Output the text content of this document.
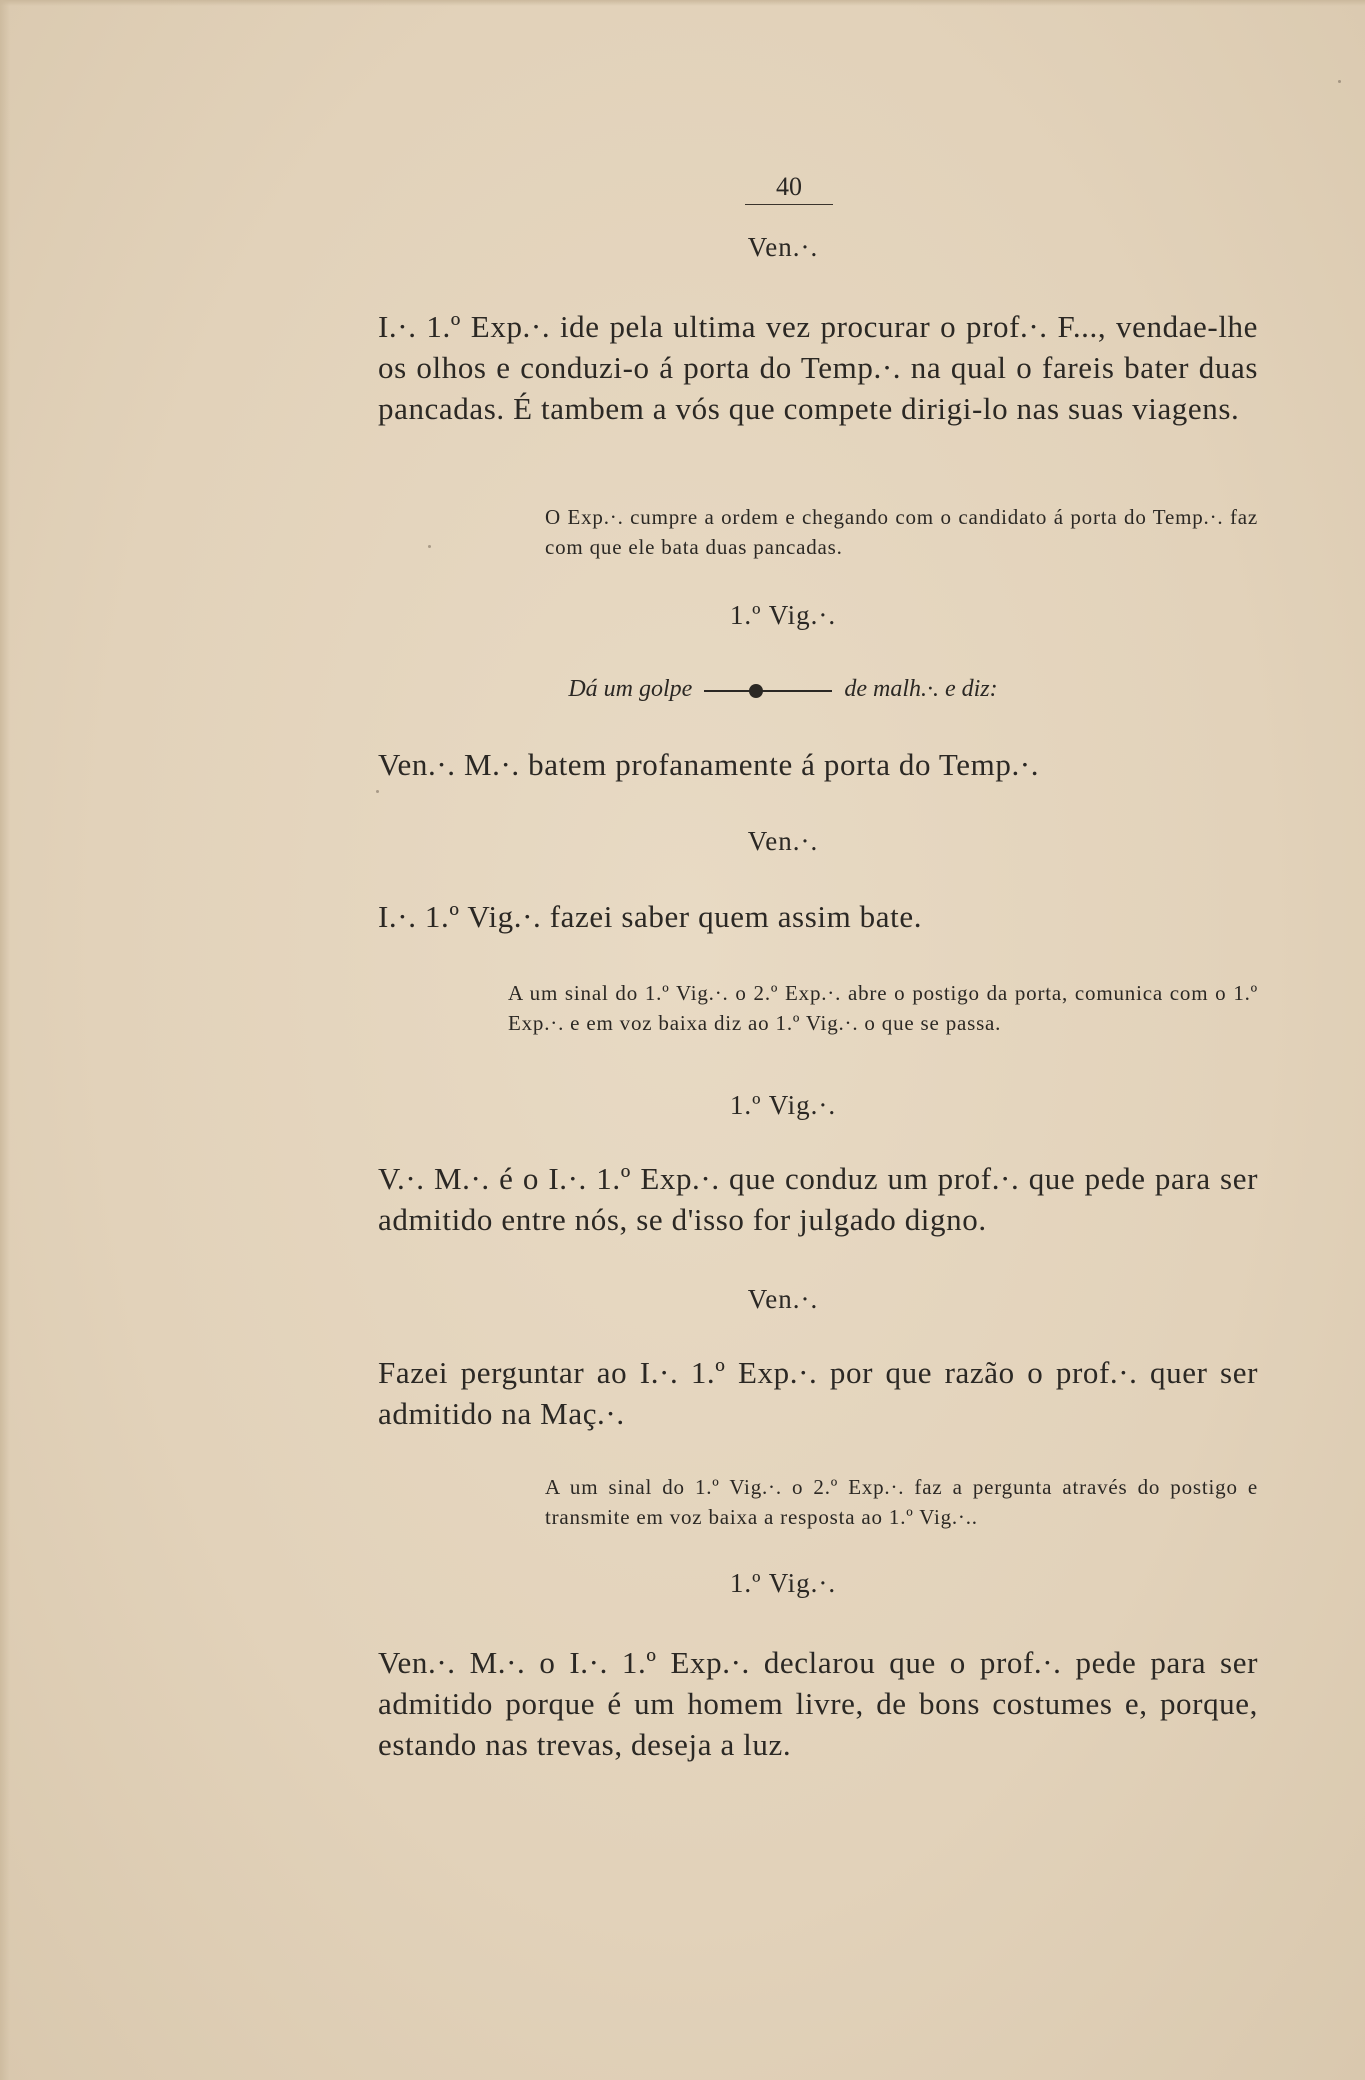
40
Ven.·.
I.·. 1.º Exp.·. ide pela ultima vez procurar o prof.·. F..., vendae-lhe os olhos e conduzi-o á porta do Temp.·. na qual o fareis bater duas pancadas. É tambem a vós que compete dirigi-lo nas suas viagens.
O Exp.·. cumpre a ordem e chegando com o candidato á porta do Temp.·. faz com que ele bata duas pancadas.
1.º Vig.·.
Dá um golpe	de malh.·. e diz:
Ven.·. M.·. batem profanamente á porta do Temp.·.
Ven.·.
I.·. 1.º Vig.·. fazei saber quem assim bate.
A um sinal do 1.º Vig.·. o 2.º Exp.·. abre o postigo da porta, comunica com o 1.º Exp.·. e em voz baixa diz ao 1.º Vig.·. o que se passa.
1.º Vig.·.
V.·. M.·. é o I.·. 1.º Exp.·. que conduz um prof.·. que pede para ser admitido entre nós, se d'isso for julgado digno.
Ven.·.
Fazei perguntar ao I.·. 1.º Exp.·. por que razão o prof.·. quer ser admitido na Maç.·.
A um sinal do 1.º Vig.·. o 2.º Exp.·. faz a pergunta através do postigo e transmite em voz baixa a resposta ao 1.º Vig.·..
1.º Vig.·.
Ven.·. M.·. o I.·. 1.º Exp.·. declarou que o prof.·. pede para ser admitido porque é um homem livre, de bons costumes e, porque, estando nas trevas, deseja a luz.
